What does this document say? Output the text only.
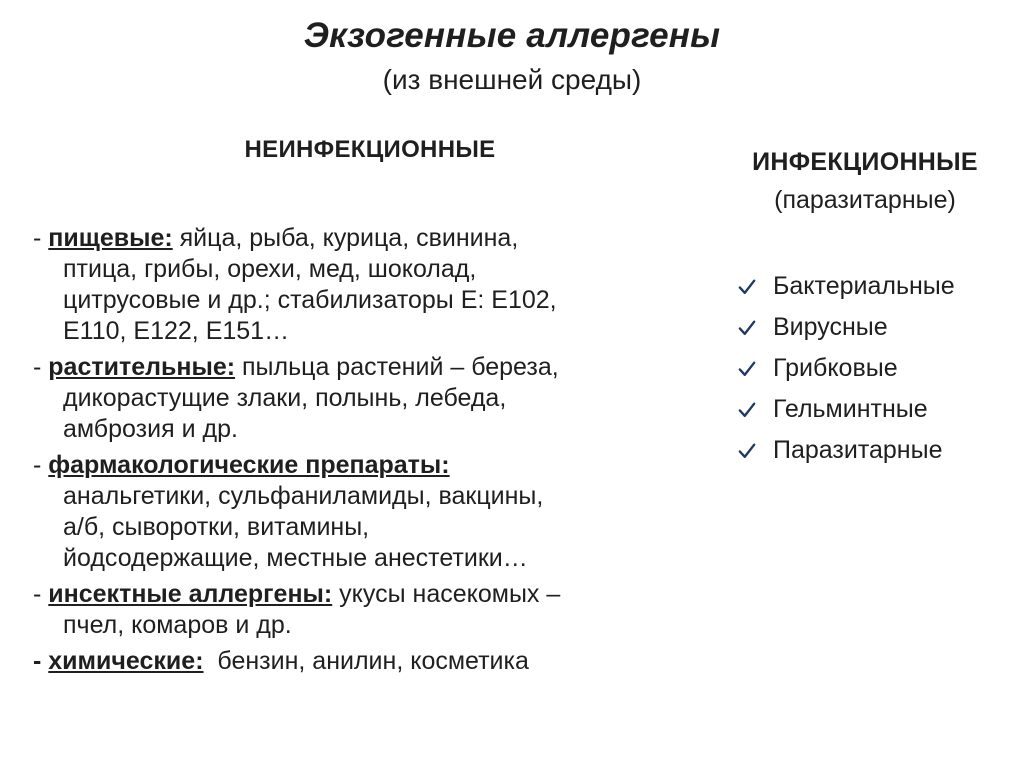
Экзогенные аллергены
(из внешней среды)
НЕИНФЕКЦИОННЫЕ
- пищевые: яйца, рыба, курица, свинина,
птица, грибы, орехи, мед, шоколад,
цитрусовые и др.; стабилизаторы Е: Е102,
Е110, Е122, Е151…
- растительные: пыльца растений – береза,
дикорастущие злаки, полынь, лебеда,
амброзия и др.
- фармакологические препараты:
анальгетики, сульфаниламиды, вакцины,
а/б, сыворотки, витамины,
йодсодержащие, местные анестетики…
- инсектные аллергены: укусы насекомых –
пчел, комаров и др.
- химические:  бензин, анилин, косметика
ИНФЕКЦИОННЫЕ
(паразитарные)
Бактериальные
Вирусные
Грибковые
Гельминтные
Паразитарные
